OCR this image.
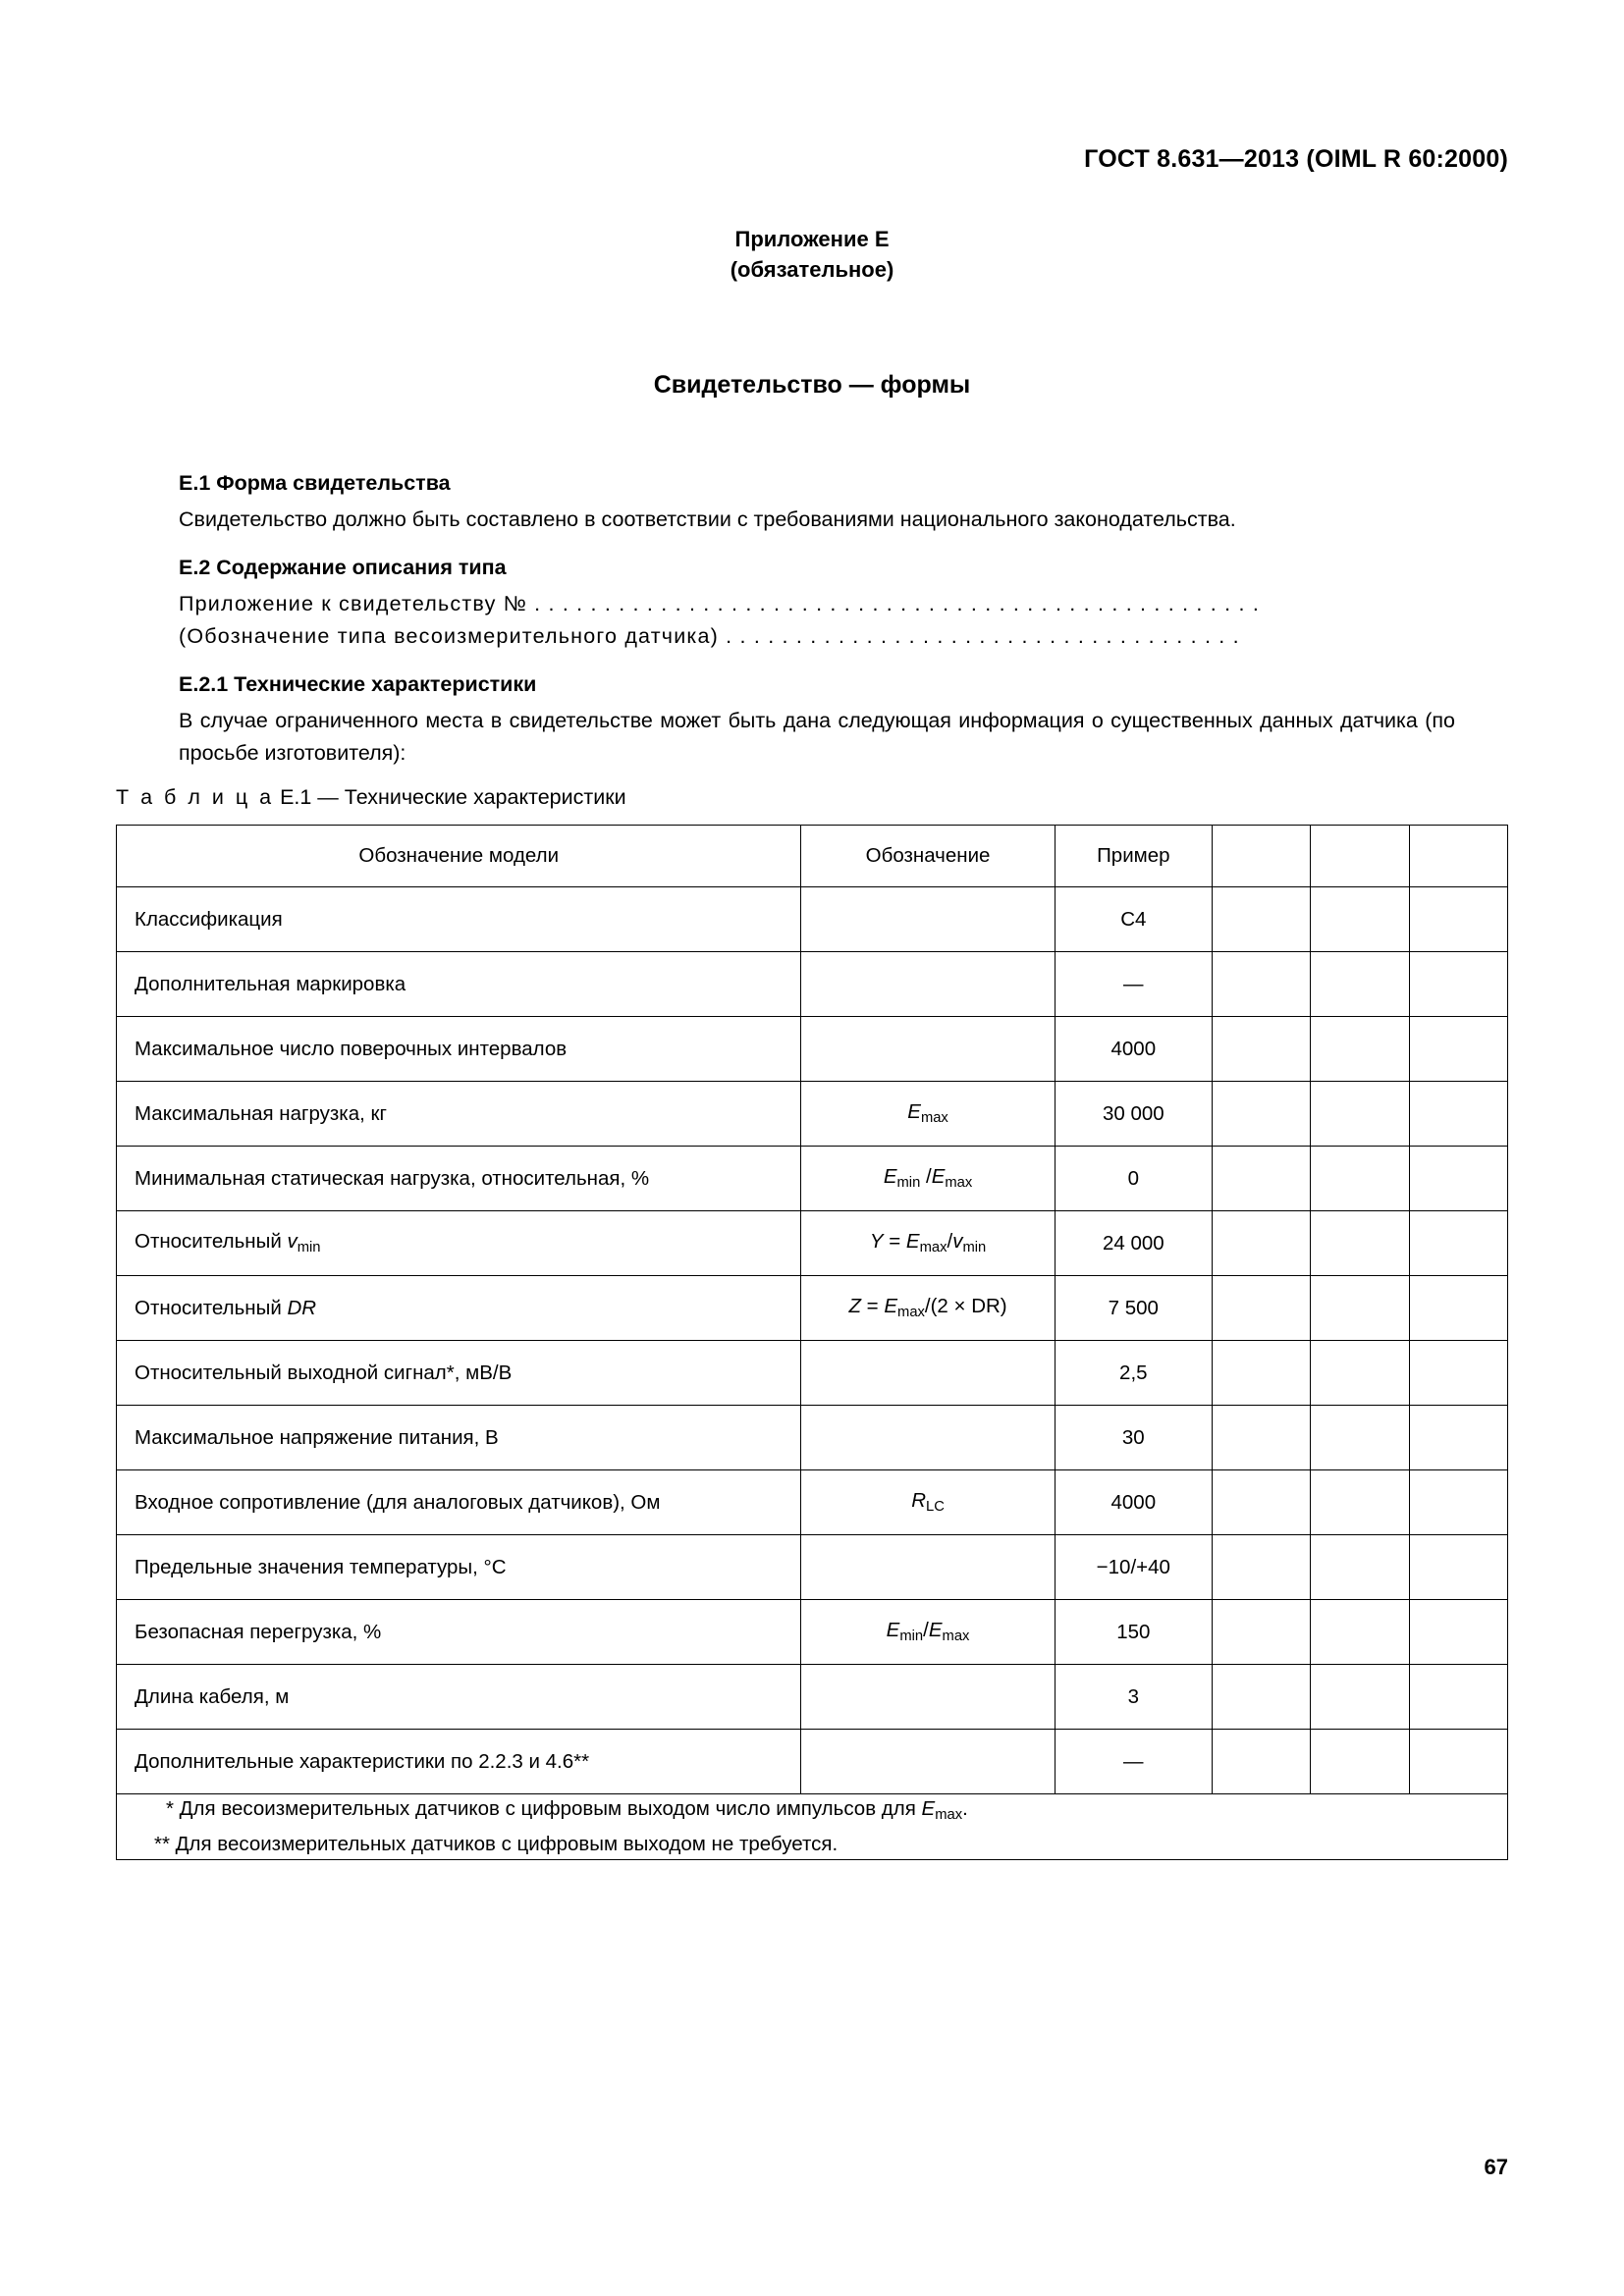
ГОСТ 8.631—2013 (OIML R 60:2000)
Приложение Е
(обязательное)
Свидетельство — формы
Е.1 Форма свидетельства

Свидетельство должно быть составлено в соответствии с требованиями национального законодательства.

Е.2 Содержание описания типа

Приложение к свидетельству № . . . . . . . . . . . . . . . . . . . . . . . . . . . . . . . . . . . . . . . . . . . . . . . . . . . .

(Обозначение типа весоизмерительного датчика) . . . . . . . . . . . . . . . . . . . . . . . . . . . . . . . . . . . . .

Е.2.1 Технические характеристики

В случае ограниченного места в свидетельстве может быть дана следующая информация о существенных данных датчика (по просьбе изготовителя):

Т а б л и ц а Е.1 — Технические характеристики
Обозначение модели	Обозначение	Пример			
Классификация		C4			
Дополнительная маркировка		—			
Максимальное число поверочных интервалов		4000			
Максимальная нагрузка, кг	$E_{max}$	30 000			
Минимальная статическая нагрузка, относительная, %	$E_{min}$ $/E_{max}$	0			
Относительный $v_{min}$	$Y = E_{max}/v_{min}$	24 000			
Относительный DR	$Z = E_{max}/(2 \times DR)$	7 500			
Относительный выходной сигнал*, мВ/В		2,5			
Максимальное напряжение питания, В		30			
Входное сопротивление (для аналоговых датчиков), Ом	$R_{LC}$	4000			
Предельные значения температуры, °C		−10/+40			
Безопасная перегрузка, %	$E_{min}/E_{max}$	150			
Длина кабеля, м		3			
Дополнительные характеристики по 2.2.3 и 4.6**		—			

* Для весоизмерительных датчиков с цифровым выходом число импульсов для $E_{max}$.
** Для весоизмерительных датчиков с цифровым выходом не требуется.					
67
